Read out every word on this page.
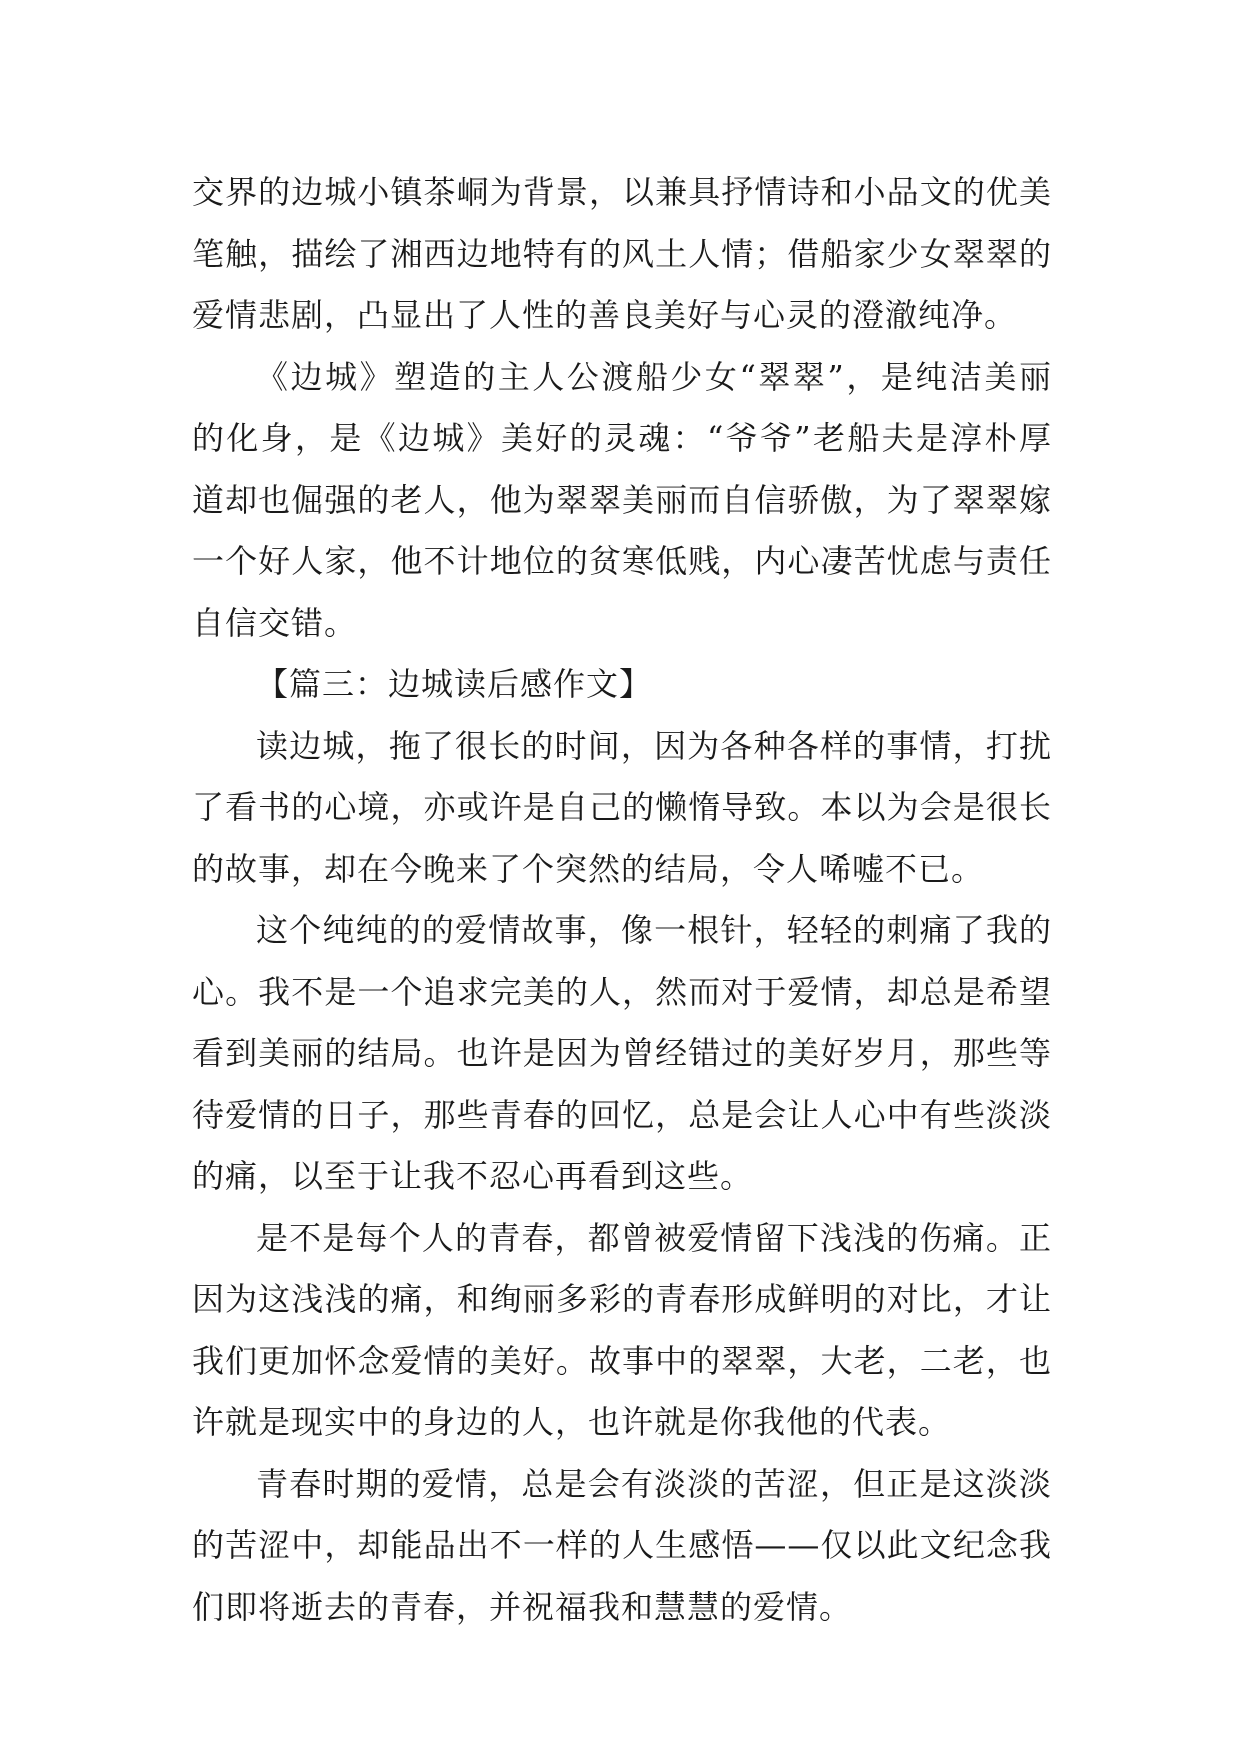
交界的边城小镇茶峒为背景，以兼具抒情诗和小品文的优美
笔触，描绘了湘西边地特有的风土人情；借船家少女翠翠的
爱情悲剧，凸显出了人性的善良美好与心灵的澄澈纯净。
《边城》塑造的主人公渡船少女“翠翠”，是纯洁美丽
的化身，是《边城》美好的灵魂：“爷爷”老船夫是淳朴厚
道却也倔强的老人，他为翠翠美丽而自信骄傲，为了翠翠嫁
一个好人家，他不计地位的贫寒低贱，内心凄苦忧虑与责任
自信交错。
【篇三：边城读后感作文】
读边城，拖了很长的时间，因为各种各样的事情，打扰
了看书的心境，亦或许是自己的懒惰导致。本以为会是很长
的故事，却在今晚来了个突然的结局，令人唏嘘不已。
这个纯纯的的爱情故事，像一根针，轻轻的刺痛了我的
心。我不是一个追求完美的人，然而对于爱情，却总是希望
看到美丽的结局。也许是因为曾经错过的美好岁月，那些等
待爱情的日子，那些青春的回忆，总是会让人心中有些淡淡
的痛，以至于让我不忍心再看到这些。
是不是每个人的青春，都曾被爱情留下浅浅的伤痛。正
因为这浅浅的痛，和绚丽多彩的青春形成鲜明的对比，才让
我们更加怀念爱情的美好。故事中的翠翠，大老，二老，也
许就是现实中的身边的人，也许就是你我他的代表。
青春时期的爱情，总是会有淡淡的苦涩，但正是这淡淡
的苦涩中，却能品出不一样的人生感悟——仅以此文纪念我
们即将逝去的青春，并祝福我和慧慧的爱情。
